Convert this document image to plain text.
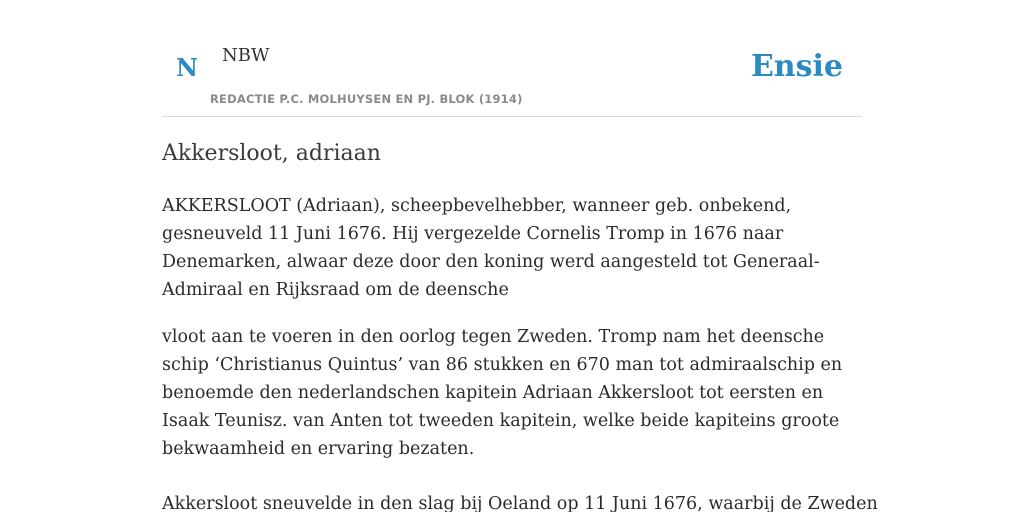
N NBW
REDACTIE P.C. MOLHUYSEN EN PJ. BLOK (1914)
Ensie
Akkersloot, adriaan

AKKERSLOOT (Adriaan), scheepbevelhebber, wanneer geb. onbekend, gesneuveld 11 Juni 1676. Hij vergezelde Cornelis Tromp in 1676 naar Denemarken, alwaar deze door den koning werd aangesteld tot Generaal-Admiraal en Rijksraad om de deensche

vloot aan te voeren in den oorlog tegen Zweden. Tromp nam het deensche schip ‘Christianus Quintus’ van 86 stukken en 670 man tot admiraalschip en benoemde den nederlandschen kapitein Adriaan Akkersloot tot eersten en Isaak Teunisz. van Anten tot tweeden kapitein, welke beide kapiteins groote bekwaamheid en ervaring bezaten.

Akkersloot sneuvelde in den slag bij Oeland op 11 Juni 1676, waarbij de Zweden
